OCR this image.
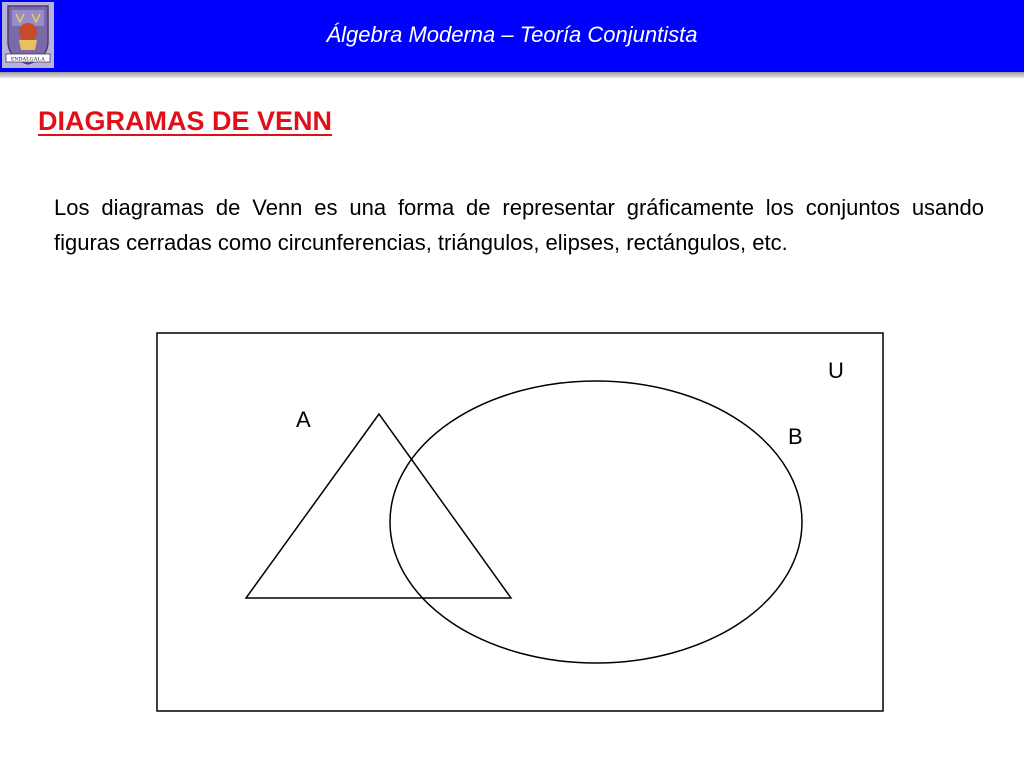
ENDALGALA
Álgebra Moderna – Teoría Conjuntista
DIAGRAMAS DE VENN
Los diagramas de Venn es una forma de representar gráficamente los conjuntos usando figuras cerradas como circunferencias, triángulos, elipses, rectángulos, etc.
U
A
B
